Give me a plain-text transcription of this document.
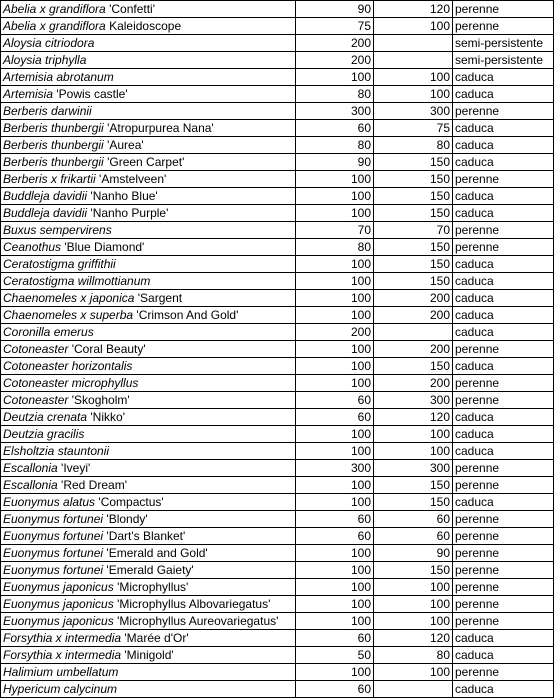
Abelia x grandiflora 'Confetti'	90	120	perenne
Abelia x grandiflora Kaleidoscope	75	100	perenne
Aloysia citriodora	200		semi-persistente
Aloysia triphylla	200		semi-persistente
Artemisia abrotanum	100	100	caduca
Artemisia 'Powis castle'	80	100	caduca
Berberis darwinii	300	300	perenne
Berberis thunbergii 'Atropurpurea Nana'	60	75	caduca
Berberis thunbergii 'Aurea'	80	80	caduca
Berberis thunbergii 'Green Carpet'	90	150	caduca
Berberis x frikartii 'Amstelveen'	100	150	perenne
Buddleja davidii 'Nanho Blue'	100	150	caduca
Buddleja davidii 'Nanho Purple'	100	150	caduca
Buxus sempervirens	70	70	perenne
Ceanothus 'Blue Diamond'	80	150	perenne
Ceratostigma griffithii	100	150	caduca
Ceratostigma willmottianum	100	150	caduca
Chaenomeles x japonica 'Sargent	100	200	caduca
Chaenomeles x superba 'Crimson And Gold'	100	200	caduca
Coronilla emerus	200		caduca
Cotoneaster 'Coral Beauty'	100	200	perenne
Cotoneaster horizontalis	100	150	caduca
Cotoneaster microphyllus	100	200	perenne
Cotoneaster 'Skogholm'	60	300	perenne
Deutzia crenata 'Nikko'	60	120	caduca
Deutzia gracilis	100	100	caduca
Elsholtzia stauntonii	100	100	caduca
Escallonia 'Iveyi'	300	300	perenne
Escallonia 'Red Dream'	100	150	perenne
Euonymus alatus 'Compactus'	100	150	caduca
Euonymus fortunei 'Blondy'	60	60	perenne
Euonymus fortunei 'Dart's Blanket'	60	60	perenne
Euonymus fortunei 'Emerald and Gold'	100	90	perenne
Euonymus fortunei 'Emerald Gaiety'	100	150	perenne
Euonymus japonicus 'Microphyllus'	100	100	perenne
Euonymus japonicus 'Microphyllus Albovariegatus'	100	100	perenne
Euonymus japonicus 'Microphyllus Aureovariegatus'	100	100	perenne
Forsythia x intermedia 'Marée d'Or'	60	120	caduca
Forsythia x intermedia 'Minigold'	50	80	caduca
Halimium umbellatum	100	100	perenne
Hypericum calycinum	60		caduca
